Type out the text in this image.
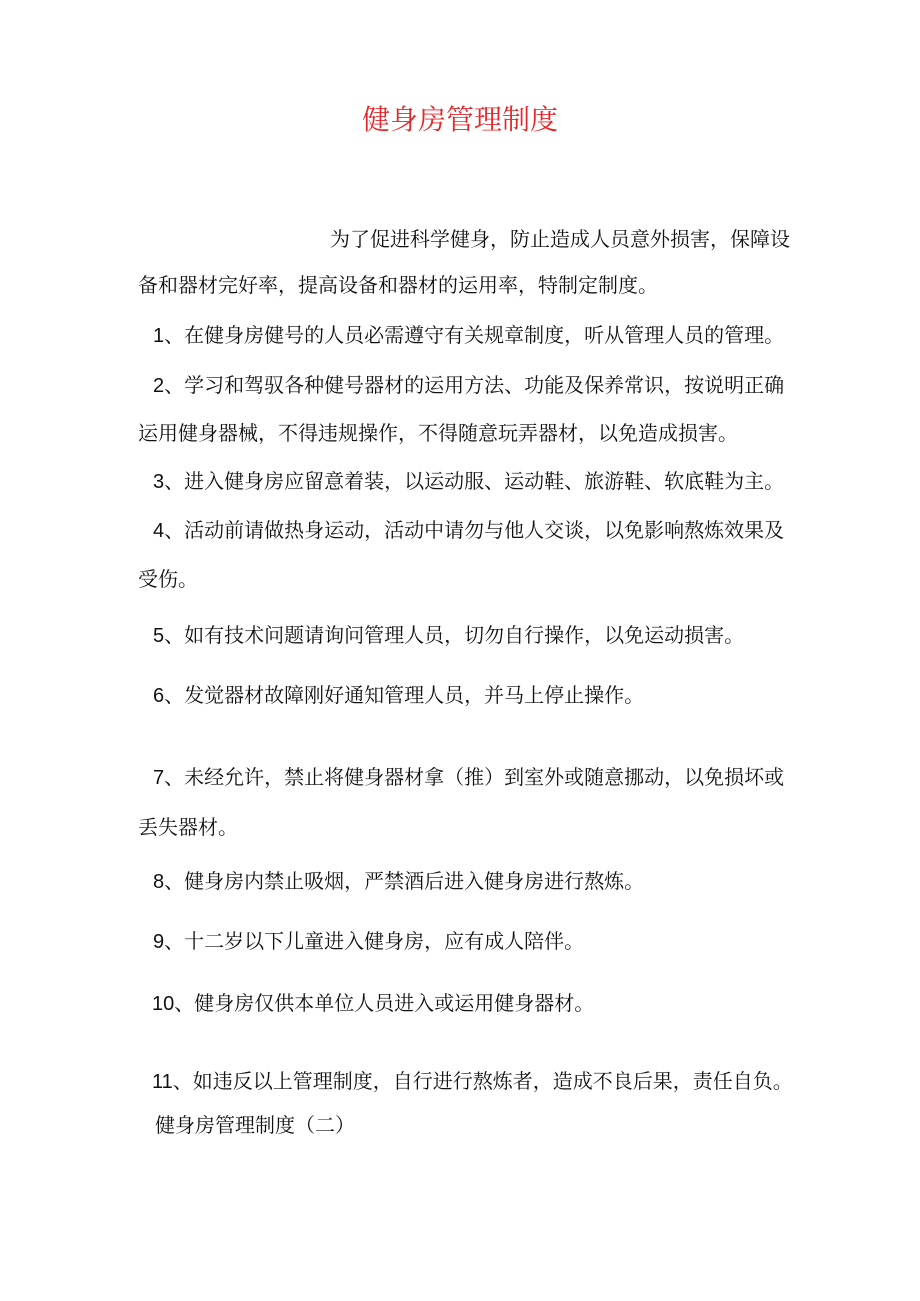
健身房管理制度
为了促进科学健身，防止造成人员意外损害，保障设
备和器材完好率，提高设备和器材的运用率，特制定制度。
1、在健身房健号的人员必需遵守有关规章制度，听从管理人员的管理。
2、学习和驾驭各种健号器材的运用方法、功能及保养常识，按说明正确
运用健身器械，不得违规操作，不得随意玩弄器材，以免造成损害。
3、进入健身房应留意着装，以运动服、运动鞋、旅游鞋、软底鞋为主。
4、活动前请做热身运动，活动中请勿与他人交谈，以免影响熬炼效果及
受伤。
5、如有技术问题请询问管理人员，切勿自行操作，以免运动损害。
6、发觉器材故障刚好通知管理人员，并马上停止操作。
7、未经允许，禁止将健身器材拿（推）到室外或随意挪动，以免损坏或
丢失器材。
8、健身房内禁止吸烟，严禁酒后进入健身房进行熬炼。
9、十二岁以下儿童进入健身房，应有成人陪伴。
10、健身房仅供本单位人员进入或运用健身器材。
11、如违反以上管理制度，自行进行熬炼者，造成不良后果，责任自负。
健身房管理制度（二）
